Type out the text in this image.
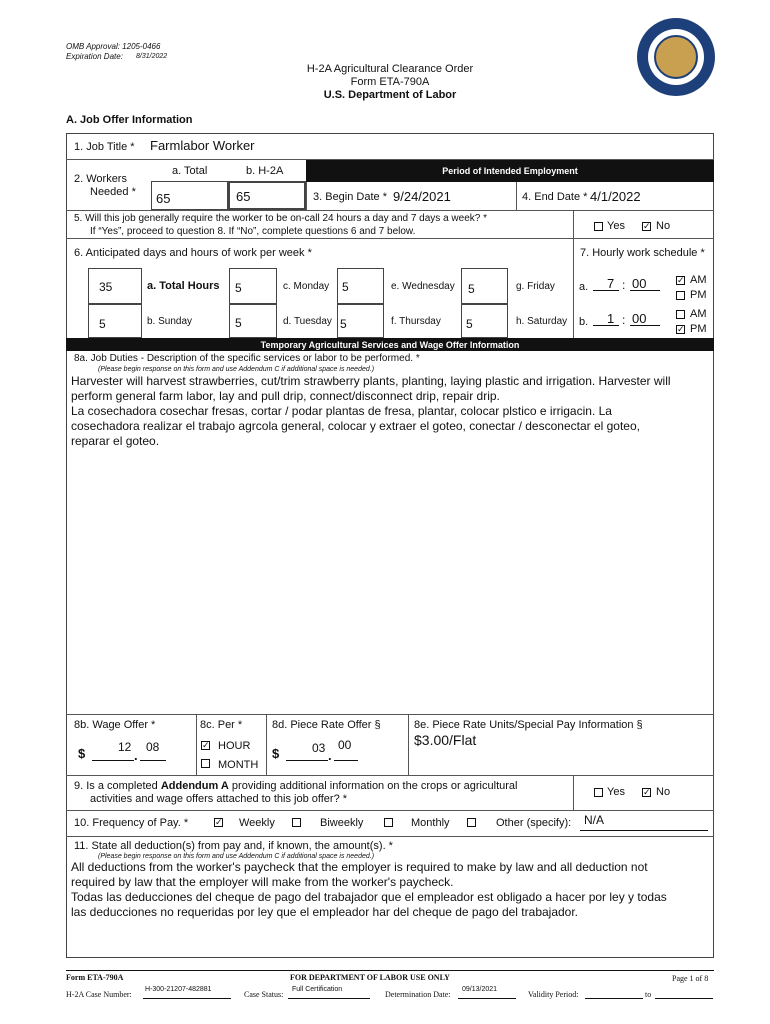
OMB Approval: 1205-0466
Expiration Date: 8/31/2022
H-2A Agricultural Clearance Order
Form ETA-790A
U.S. Department of Labor
A. Job Offer Information
1. Job Title * Farmlabor Worker
2. Workers
Needed *
a. Total	b. H-2A
65	65
Period of Intended Employment
3. Begin Date * 9/24/2021	4. End Date * 4/1/2022
5. Will this job generally require the worker to be on-call 24 hours a day and 7 days a week? *
If “Yes”, proceed to question 8. If “No”, complete questions 6 and 7 below.	Yes ✓ No
6. Anticipated days and hours of work per week *	7. Hourly work schedule *
35	a. Total Hours 5	c. Monday 5	e. Wednesday 5	g. Friday
5	b. Sunday	5	d. Tuesday 5	f. Thursday 5	h. Saturday
a. 7 : 00	✓ AM
PM
b. 1 : 00	AM
✓ PM
Temporary Agricultural Services and Wage Offer Information
8a. Job Duties - Description of the specific services or labor to be performed. *
(Please begin response on this form and use Addendum C if additional space is needed.)
Harvester will harvest strawberries, cut/trim strawberry plants, planting, laying plastic and irrigation. Harvester will
perform general farm labor, lay and pull drip, connect/disconnect drip, repair drip.
La cosechadora cosechar fresas, cortar / podar plantas de fresa, plantar, colocar plstico e irrigacin. La
cosechadora realizar el trabajo agrcola general, colocar y extraer el goteo, conectar / desconectar el goteo,
reparar el goteo.
8b. Wage Offer *
$	12
.
08
8c. Per *
✓ HOUR
MONTH
8d. Piece Rate Offer §
$	03 .
00
8e. Piece Rate Units/Special Pay Information §
$3.00/Flat
9. Is a completed Addendum A providing additional information on the crops or agricultural
activities and wage offers attached to this job offer? *
Yes ✓ No
10. Frequency of Pay. *	✓ Weekly	Biweekly	Monthly	Other (specify): N/A
11. State all deduction(s) from pay and, if known, the amount(s). *
(Please begin response on this form and use Addendum C if additional space is needed.)
All deductions from the worker's paycheck that the employer is required to make by law and all deduction not
required by law that the employer will make from the worker's paycheck.
Todas las deducciones del cheque de pago del trabajador que el empleador est obligado a hacer por ley y todas
las deducciones no requeridas por ley que el empleador har del cheque de pago del trabajador.
Form ETA-790A	FOR DEPARTMENT OF LABOR USE ONLY	Page 1 of 8
H-2A Case Number:
H-300-21207-482881
Case Status:
Full Certification
Determination Date:
09/13/2021
Validity Period:	to
